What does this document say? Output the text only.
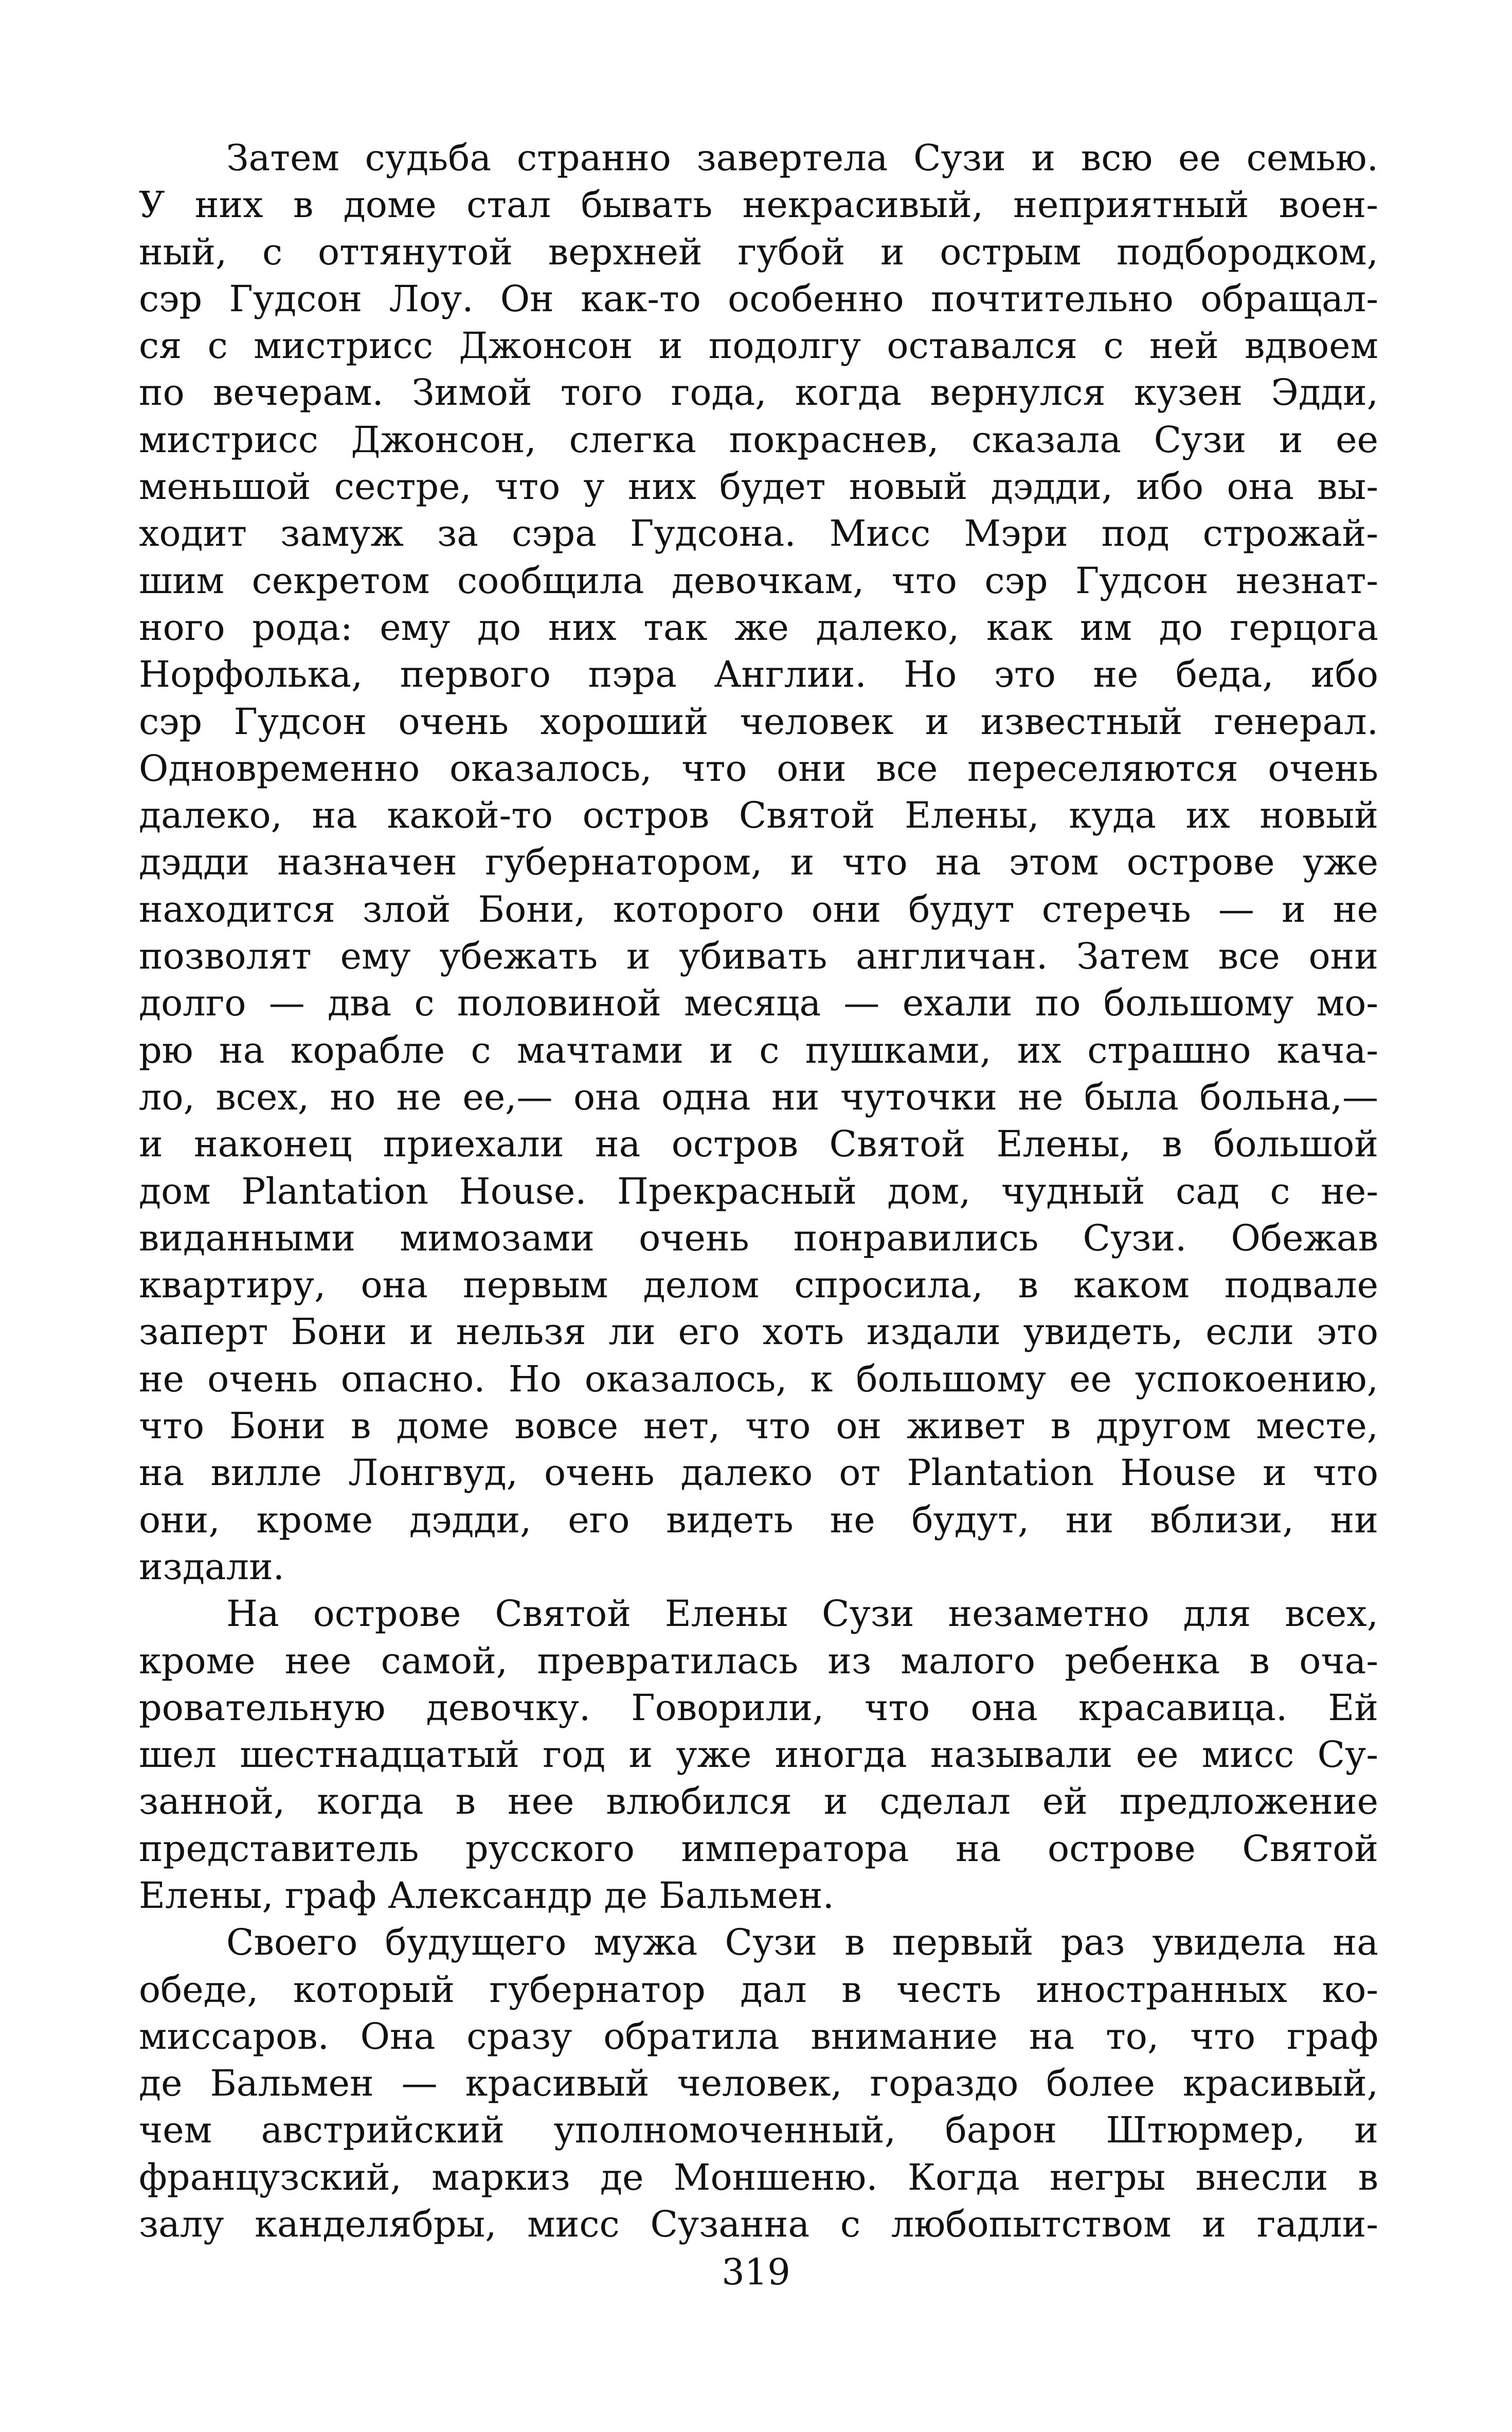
Затем судьба странно завертела Сузи и всю ее семью.
У них в доме стал бывать некрасивый, неприятный воен-
ный, с оттянутой верхней губой и острым подбородком,
сэр Гудсон Лоу. Он как-то особенно почтительно обращал-
ся с мистрисс Джонсон и подолгу оставался с ней вдвоем
по вечерам. Зимой того года, когда вернулся кузен Эдди,
мистрисс Джонсон, слегка покраснев, сказала Сузи и ее
меньшой сестре, что у них будет новый дэдди, ибо она вы-
ходит замуж за сэра Гудсона. Мисс Мэри под строжай-
шим секретом сообщила девочкам, что сэр Гудсон незнат-
ного рода: ему до них так же далеко, как им до герцога
Норфолька, первого пэра Англии. Но это не беда, ибо
сэр Гудсон очень хороший человек и известный генерал.
Одновременно оказалось, что они все переселяются очень
далеко, на какой-то остров Святой Елены, куда их новый
дэдди назначен губернатором, и что на этом острове уже
находится злой Бони, которого они будут стеречь — и не
позволят ему убежать и убивать англичан. Затем все они
долго — два с половиной месяца — ехали по большому мо-
рю на корабле с мачтами и с пушками, их страшно кача-
ло, всех, но не ее,— она одна ни чуточки не была больна,—
и наконец приехали на остров Святой Елены, в большой
дом Plantation House. Прекрасный дом, чудный сад с не-
виданными мимозами очень понравились Сузи. Обежав
квартиру, она первым делом спросила, в каком подвале
заперт Бони и нельзя ли его хоть издали увидеть, если это
не очень опасно. Но оказалось, к большому ее успокоению,
что Бони в доме вовсе нет, что он живет в другом месте,
на вилле Лонгвуд, очень далеко от Plantation House и что
они, кроме дэдди, его видеть не будут, ни вблизи, ни
издали.
На острове Святой Елены Сузи незаметно для всех,
кроме нее самой, превратилась из малого ребенка в оча-
ровательную девочку. Говорили, что она красавица. Ей
шел шестнадцатый год и уже иногда называли ее мисс Су-
занной, когда в нее влюбился и сделал ей предложение
представитель русского императора на острове Святой
Елены, граф Александр де Бальмен.
Своего будущего мужа Сузи в первый раз увидела на
обеде, который губернатор дал в честь иностранных ко-
миссаров. Она сразу обратила внимание на то, что граф
де Бальмен — красивый человек, гораздо более красивый,
чем австрийский уполномоченный, барон Штюрмер, и
французский, маркиз де Моншеню. Когда негры внесли в
залу канделябры, мисс Сузанна с любопытством и гадли-
319
